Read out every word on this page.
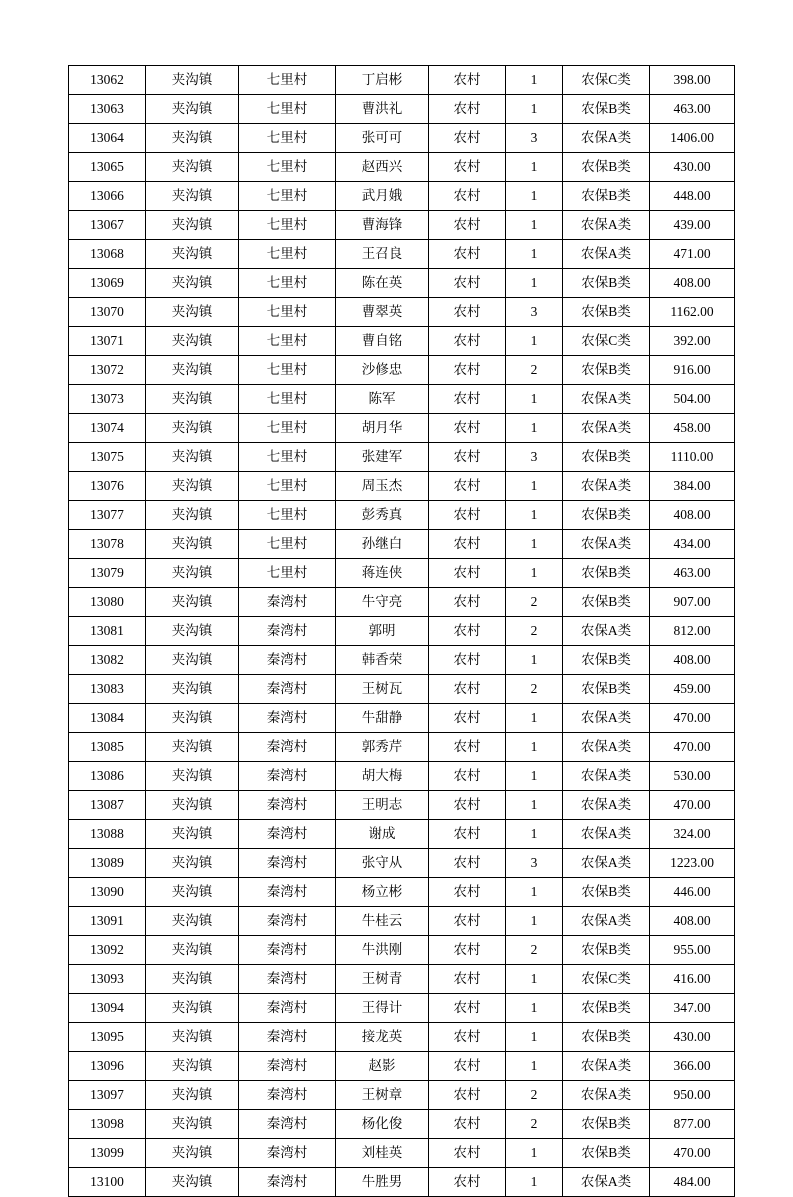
13062	夹沟镇	七里村	丁启彬	农村	1	农保C类	398.00
13063	夹沟镇	七里村	曹洪礼	农村	1	农保B类	463.00
13064	夹沟镇	七里村	张可可	农村	3	农保A类	1406.00
13065	夹沟镇	七里村	赵西兴	农村	1	农保B类	430.00
13066	夹沟镇	七里村	武月娥	农村	1	农保B类	448.00
13067	夹沟镇	七里村	曹海锋	农村	1	农保A类	439.00
13068	夹沟镇	七里村	王召良	农村	1	农保A类	471.00
13069	夹沟镇	七里村	陈在英	农村	1	农保B类	408.00
13070	夹沟镇	七里村	曹翠英	农村	3	农保B类	1162.00
13071	夹沟镇	七里村	曹自铭	农村	1	农保C类	392.00
13072	夹沟镇	七里村	沙修忠	农村	2	农保B类	916.00
13073	夹沟镇	七里村	陈军	农村	1	农保A类	504.00
13074	夹沟镇	七里村	胡月华	农村	1	农保A类	458.00
13075	夹沟镇	七里村	张建军	农村	3	农保B类	1110.00
13076	夹沟镇	七里村	周玉杰	农村	1	农保A类	384.00
13077	夹沟镇	七里村	彭秀真	农村	1	农保B类	408.00
13078	夹沟镇	七里村	孙继白	农村	1	农保A类	434.00
13079	夹沟镇	七里村	蒋连侠	农村	1	农保B类	463.00
13080	夹沟镇	秦湾村	牛守亮	农村	2	农保B类	907.00
13081	夹沟镇	秦湾村	郭明	农村	2	农保A类	812.00
13082	夹沟镇	秦湾村	韩香荣	农村	1	农保B类	408.00
13083	夹沟镇	秦湾村	王树瓦	农村	2	农保B类	459.00
13084	夹沟镇	秦湾村	牛甜静	农村	1	农保A类	470.00
13085	夹沟镇	秦湾村	郭秀芹	农村	1	农保A类	470.00
13086	夹沟镇	秦湾村	胡大梅	农村	1	农保A类	530.00
13087	夹沟镇	秦湾村	王明志	农村	1	农保A类	470.00
13088	夹沟镇	秦湾村	谢成	农村	1	农保A类	324.00
13089	夹沟镇	秦湾村	张守从	农村	3	农保A类	1223.00
13090	夹沟镇	秦湾村	杨立彬	农村	1	农保B类	446.00
13091	夹沟镇	秦湾村	牛桂云	农村	1	农保A类	408.00
13092	夹沟镇	秦湾村	牛洪刚	农村	2	农保B类	955.00
13093	夹沟镇	秦湾村	王树青	农村	1	农保C类	416.00
13094	夹沟镇	秦湾村	王得计	农村	1	农保B类	347.00
13095	夹沟镇	秦湾村	接龙英	农村	1	农保B类	430.00
13096	夹沟镇	秦湾村	赵影	农村	1	农保A类	366.00
13097	夹沟镇	秦湾村	王树章	农村	2	农保A类	950.00
13098	夹沟镇	秦湾村	杨化俊	农村	2	农保B类	877.00
13099	夹沟镇	秦湾村	刘桂英	农村	1	农保B类	470.00
13100	夹沟镇	秦湾村	牛胜男	农村	1	农保A类	484.00
